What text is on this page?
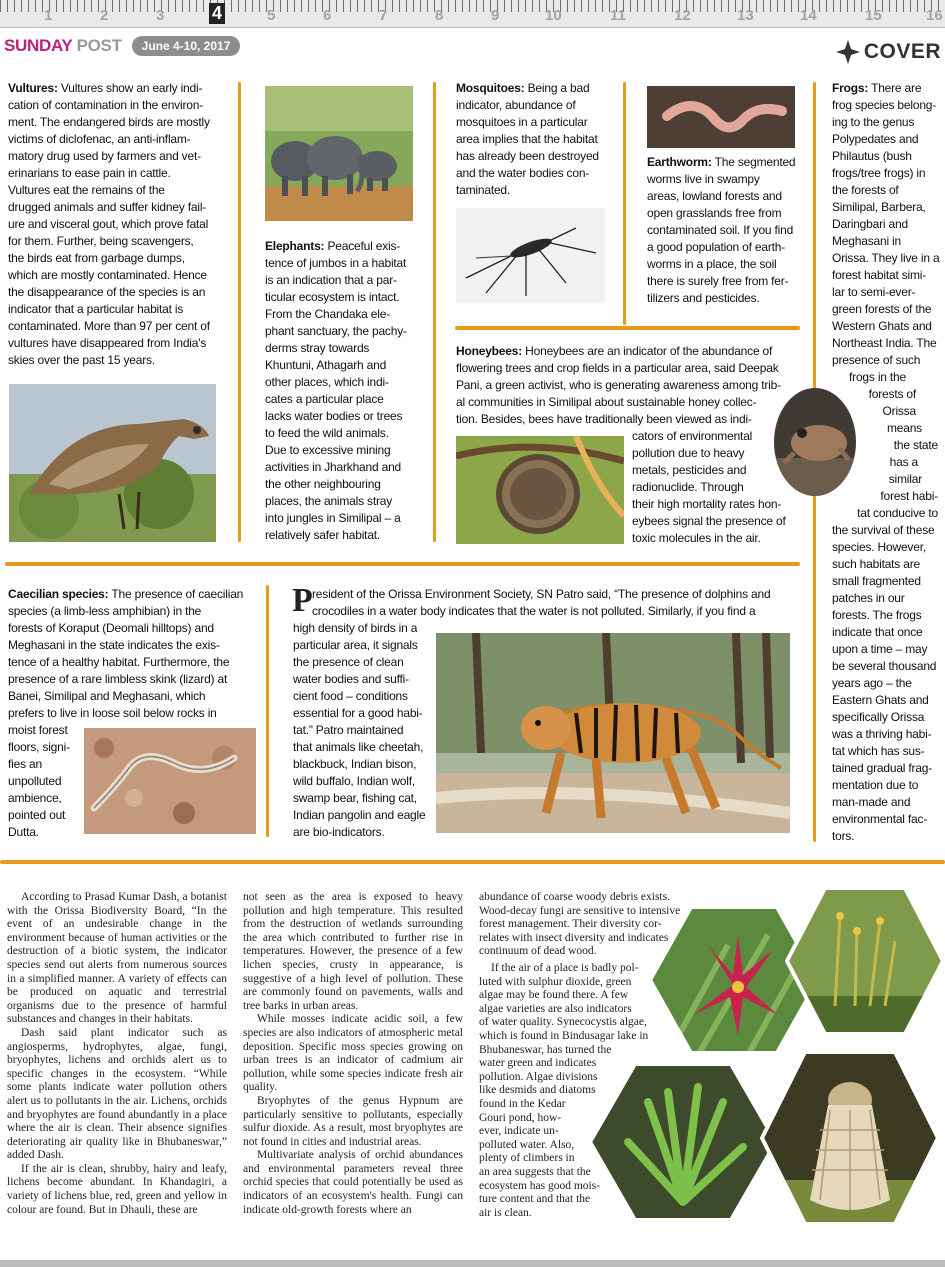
1	2	3	4	5	6	7	8	9	10	11	12	13	14	15	16
SUNDAY POST	June 4-10, 2017	COVER
Vultures: Vultures show an early indi-
cation of contamination in the environ-
ment. The endangered birds are mostly
victims of diclofenac, an anti-inflam-
matory drug used by farmers and vet-
erinarians to ease pain in cattle.
Vultures eat the remains of the
drugged animals and suffer kidney fail-
ure and visceral gout, which prove fatal
for them. Further, being scavengers,
the birds eat from garbage dumps,
which are mostly contaminated. Hence
the disappearance of the species is an
indicator that a particular habitat is
contaminated. More than 97 per cent of
vultures have disappeared from India's
skies over the past 15 years.
Elephants: Peaceful exis-
tence of jumbos in a habitat
is an indication that a par-
ticular ecosystem is intact.
From the Chandaka ele-
phant sanctuary, the pachy-
derms stray towards
Khuntuni, Athagarh and
other places, which indi-
cates a particular place
lacks water bodies or trees
to feed the wild animals.
Due to excessive mining
activities in Jharkhand and
the other neighbouring
places, the animals stray
into jungles in Similipal – a
relatively safer habitat.
Mosquitoes: Being a bad
indicator, abundance of
mosquitoes in a particular
area implies that the habitat
has already been destroyed
and the water bodies con-
taminated.
Earthworm: The segmented
worms live in swampy
areas, lowland forests and
open grasslands free from
contaminated soil. If you find
a good population of earth-
worms in a place, the soil
there is surely free from fer-
tilizers and pesticides.
Frogs: There are
frog species belong-
ing to the genus
Polypedates and
Philautus (bush
frogs/tree frogs) in
the forests of
Similipal, Barbera,
Daringbari and
Meghasani in
Orissa. They live in a
forest habitat simi-
lar to semi-ever-
green forests of the
Western Ghats and
Northeast India. The
presence of such
frogs in the
forests of
Orissa
means
the state
has a
similar
forest habi-
tat conducive to
the survival of these
species. However,
such habitats are
small fragmented
patches in our
forests. The frogs
indicate that once
upon a time – may
be several thousand
years ago – the
Eastern Ghats and
specifically Orissa
was a thriving habi-
tat which has sus-
tained gradual frag-
mentation due to
man-made and
environmental fac-
tors.
Honeybees: Honeybees are an indicator of the abundance of
flowering trees and crop fields in a particular area, said Deepak
Pani, a green activist, who is generating awareness among trib-
al communities in Similipal about sustainable honey collec-
tion. Besides, bees have traditionally been viewed as indi-
cators of environmental
pollution due to heavy
metals, pesticides and
radionuclide. Through
their high mortality rates hon-
eybees signal the presence of
toxic molecules in the air.
Caecilian species: The presence of caecilian
species (a limb-less amphibian) in the
forests of Koraput (Deomali hilltops) and
Meghasani in the state indicates the exis-
tence of a healthy habitat. Furthermore, the
presence of a rare limbless skink (lizard) at
Banei, Similipal and Meghasani, which
prefers to live in loose soil below rocks in
moist forest
floors, signi-
fies an
unpolluted
ambience,
pointed out
Dutta.
P resident of the Orissa Environment Society, SN Patro said, “The presence of dolphins and
crocodiles in a water body indicates that the water is not polluted. Similarly, if you find a
high density of birds in a
particular area, it signals
the presence of clean
water bodies and suffi-
cient food – conditions
essential for a good habi-
tat.” Patro maintained
that animals like cheetah,
blackbuck, Indian bison,
wild buffalo, Indian wolf,
swamp bear, fishing cat,
Indian pangolin and eagle
are bio-indicators.

According to Prasad Kumar Dash, a botanist with the Orissa Biodiversity Board, “In the event of an undesirable change in the environment because of human activities or the destruction of a biotic system, the indicator species send out alerts from numerous sources in a simplified manner. A variety of effects can be produced on aquatic and terrestrial organisms due to the presence of harmful substances and changes in their habitats.

Dash said plant indicator such as angiosperms, hydrophytes, algae, fungi, bryophytes, lichens and orchids alert us to specific changes in the ecosystem. “While some plants indicate water pollution others alert us to pollutants in the air. Lichens, orchids and bryophytes are found abundantly in a place where the air is clean. Their absence signifies deteriorating air quality like in Bhubaneswar,” added Dash.

If the air is clean, shrubby, hairy and leafy, lichens become abundant. In Khandagiri, a variety of lichens blue, red, green and yellow in colour are found. But in Dhauli, these are

not seen as the area is exposed to heavy pollution and high temperature. This resulted from the destruction of wetlands surrounding the area which contributed to further rise in temperatures. However, the presence of a few lichen species, crusty in appearance, is suggestive of a high level of pollution. These are commonly found on pavements, walls and tree barks in urban areas.

While mosses indicate acidic soil, a few species are also indicators of atmospheric metal deposition. Specific moss species growing on urban trees is an indicator of cadmium air pollution, while some species indicate fresh air quality.

Bryophytes of the genus Hypnum are particularly sensitive to pollutants, especially sulfur dioxide. As a result, most bryophytes are not found in cities and industrial areas.

Multivariate analysis of orchid abundances and environmental parameters reveal three orchid species that could potentially be used as indicators of an ecosystem's health. Fungi can indicate old-growth forests where an

abundance of coarse woody debris exists.
Wood-decay fungi are sensitive to intensive
forest management. Their diversity cor-
relates with insect diversity and indicates
continuum of dead wood.
If the air of a place is badly pol-
luted with sulphur dioxide, green
algae may be found there. A few
algae varieties are also indicators
of water quality. Synecocystis algae,
which is found in Bindusagar lake in
Bhubaneswar, has turned the
water green and indicates
pollution. Algae divisions
like desmids and diatoms
found in the Kedar
Gouri pond, how-
ever, indicate un-
polluted water. Also,
plenty of climbers in
an area suggests that the
ecosystem has good mois-
ture content and that the
air is clean.
